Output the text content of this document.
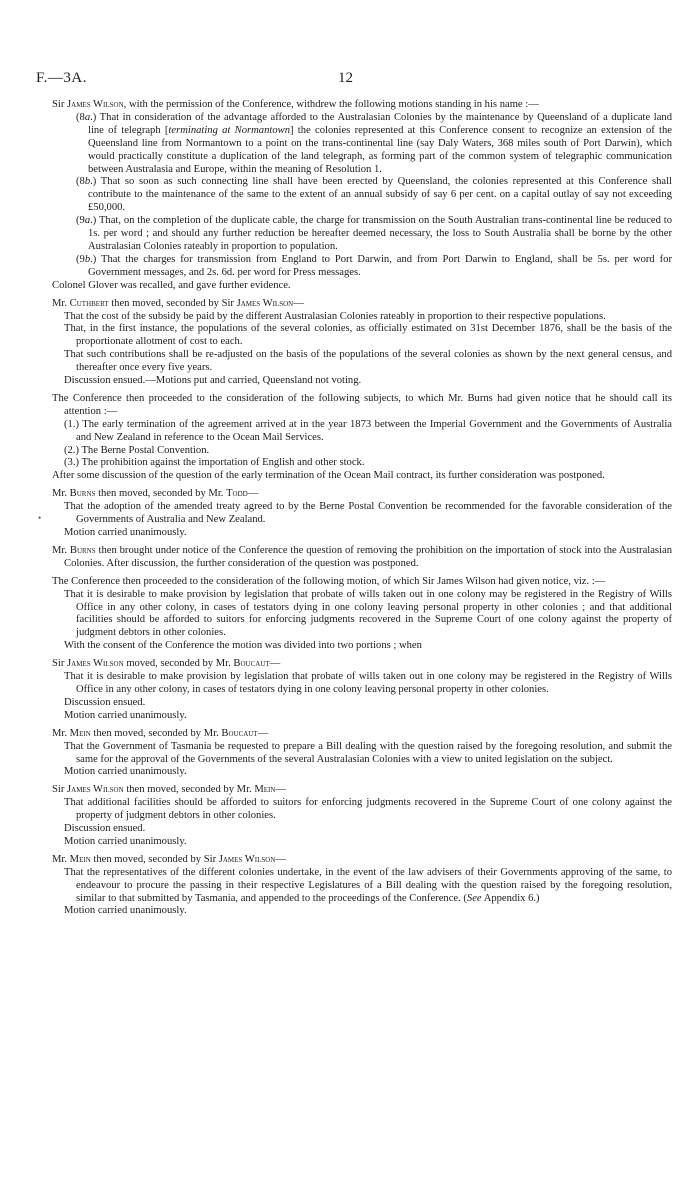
F.—3A.	12
•

Sir James Wilson, with the permission of the Conference, withdrew the following motions standing in his name :—

(8a.) That in consideration of the advantage afforded to the Australasian Colonies by the maintenance by Queensland of a duplicate land line of telegraph [terminating at Normantown] the colonies represented at this Conference consent to recognize an extension of the Queensland line from Normantown to a point on the trans-continental line (say Daly Waters, 368 miles south of Port Darwin), which would practically constitute a duplication of the land telegraph, as forming part of the common system of telegraphic communication between Australasia and Europe, within the meaning of Resolution 1.

(8b.) That so soon as such connecting line shall have been erected by Queensland, the colonies represented at this Conference shall contribute to the maintenance of the same to the extent of an annual subsidy of say 6 per cent. on a capital outlay of say not exceeding £50,000.

(9a.) That, on the completion of the duplicate cable, the charge for transmission on the South Australian trans-continental line be reduced to 1s. per word ; and should any further reduction be hereafter deemed necessary, the loss to South Australia shall be borne by the other Australasian Colonies rateably in proportion to population.

(9b.) That the charges for transmission from England to Port Darwin, and from Port Darwin to England, shall be 5s. per word for Government messages, and 2s. 6d. per word for Press messages.

Colonel Glover was recalled, and gave further evidence.

Mr. Cuthbert then moved, seconded by Sir James Wilson—

That the cost of the subsidy be paid by the different Australasian Colonies rateably in proportion to their respective populations.

That, in the first instance, the populations of the several colonies, as officially estimated on 31st December 1876, shall be the basis of the proportionate allotment of cost to each.

That such contributions shall be re-adjusted on the basis of the populations of the several colonies as shown by the next general census, and thereafter once every five years.

Discussion ensued.—Motions put and carried, Queensland not voting.

The Conference then proceeded to the consideration of the following subjects, to which Mr. Burns had given notice that he should call its attention :—

(1.) The early termination of the agreement arrived at in the year 1873 between the Imperial Government and the Governments of Australia and New Zealand in reference to the Ocean Mail Services.

(2.) The Berne Postal Convention.

(3.) The prohibition against the importation of English and other stock.

After some discussion of the question of the early termination of the Ocean Mail contract, its further consideration was postponed.

Mr. Burns then moved, seconded by Mr. Todd—

That the adoption of the amended treaty agreed to by the Berne Postal Convention be recommended for the favorable consideration of the Governments of Australia and New Zealand.

Motion carried unanimously.

Mr. Burns then brought under notice of the Conference the question of removing the prohibition on the importation of stock into the Australasian Colonies. After discussion, the further consideration of the question was postponed.

The Conference then proceeded to the consideration of the following motion, of which Sir James Wilson had given notice, viz. :—

That it is desirable to make provision by legislation that probate of wills taken out in one colony may be registered in the Registry of Wills Office in any other colony, in cases of testators dying in one colony leaving personal property in other colonies ; and that additional facilities should be afforded to suitors for enforcing judgments recovered in the Supreme Court of one colony against the property of judgment debtors in other colonies.

With the consent of the Conference the motion was divided into two portions ; when

Sir James Wilson moved, seconded by Mr. Boucaut—

That it is desirable to make provision by legislation that probate of wills taken out in one colony may be registered in the Registry of Wills Office in any other colony, in cases of testators dying in one colony leaving personal property in other colonies.

Discussion ensued.

Motion carried unanimously.

Mr. Mein then moved, seconded by Mr. Boucaut—

That the Government of Tasmania be requested to prepare a Bill dealing with the question raised by the foregoing resolution, and submit the same for the approval of the Governments of the several Australasian Colonies with a view to united legislation on the subject.

Motion carried unanimously.

Sir James Wilson then moved, seconded by Mr. Mein—

That additional facilities should be afforded to suitors for enforcing judgments recovered in the Supreme Court of one colony against the property of judgment debtors in other colonies.

Discussion ensued.

Motion carried unanimously.

Mr. Mein then moved, seconded by Sir James Wilson—

That the representatives of the different colonies undertake, in the event of the law advisers of their Governments approving of the same, to endeavour to procure the passing in their respective Legislatures of a Bill dealing with the question raised by the foregoing resolution, similar to that submitted by Tasmania, and appended to the proceedings of the Conference. (See Appendix 6.)

Motion carried unanimously.
